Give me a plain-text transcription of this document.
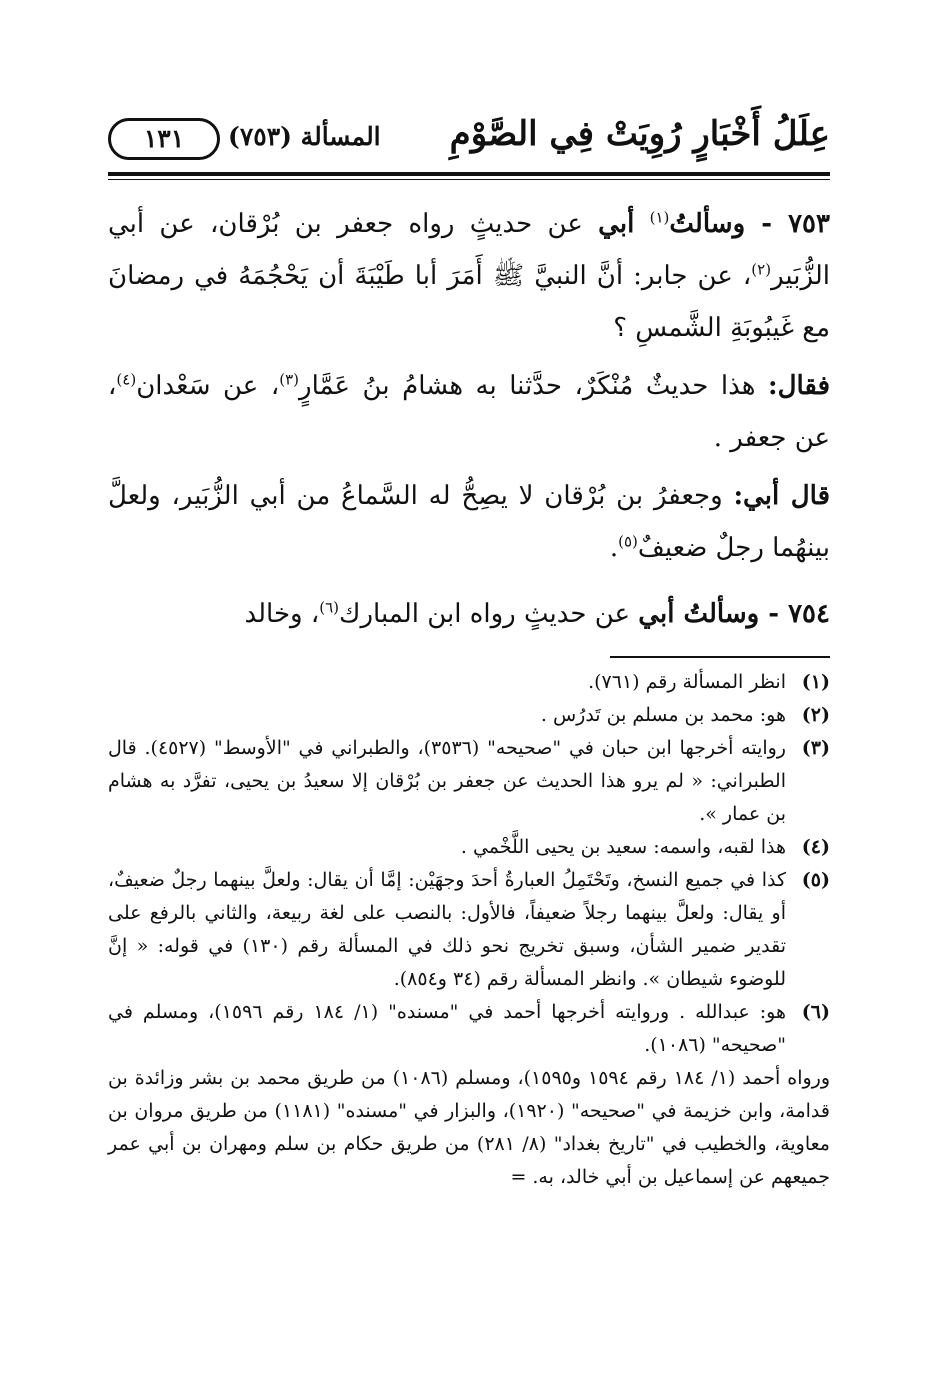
عِلَلُ أَخْبَارٍ رُوِيَتْ فِي الصَّوْمِ
المسألة (٧٥٣)
١٣١

٧٥٣ - وسألتُ$^{(١)}$ أبي عن حديثٍ رواه جعفر بن بُرْقان، عن أبي الزُّبَير$^{(٢)}$، عن جابر: أنَّ النبيَّ ﷺ أَمَرَ أبا طَيْبَةَ أن يَحْجُمَهُ في رمضانَ مع غَيبُوبَةِ الشَّمسِ ؟

فقال: هذا حديثٌ مُنْكَرٌ، حدَّثنا به هشامُ بنُ عَمَّارٍ$^{(٣)}$، عن سَعْدان$^{(٤)}$، عن جعفر .

قال أبي: وجعفرُ بن بُرْقان لا يصِحُّ له السَّماعُ من أبي الزُّبَير، ولعلَّ بينهُما رجلٌ ضعيفٌ$^{(٥)}$.

٧٥٤ - وسألتُ أبي عن حديثٍ رواه ابن المبارك$^{(٦)}$، وخالد

(١)
انظر المسألة رقم (٧٦١).
(٢)
هو: محمد بن مسلم بن تَدرُس .
(٣)
روايته أخرجها ابن حبان في "صحيحه" (٣٥٣٦)، والطبراني في "الأوسط" (٤٥٢٧). قال الطبراني: « لم يرو هذا الحديث عن جعفر بن بُرْقان إلا سعيدُ بن يحيى، تفرَّد به هشام بن عمار ».
(٤)
هذا لقبه، واسمه: سعيد بن يحيى اللَّخْمي .
(٥)
كذا في جميع النسخ، وتَحْتَمِلُ العبارةُ أحدَ وجهَيْن: إمَّا أن يقال: ولعلَّ بينهما رجلٌ ضعيفٌ، أو يقال: ولعلَّ بينهما رجلاً ضعيفاً، فالأول: بالنصب على لغة ربيعة، والثاني بالرفع على تقدير ضمير الشأن، وسبق تخريج نحو ذلك في المسألة رقم (١٣٠) في قوله: « إنَّ للوضوء شيطان ». وانظر المسألة رقم (٣٤ و٨٥٤).
(٦)
هو: عبدالله . وروايته أخرجها أحمد في "مسنده" (١/ ١٨٤ رقم ١٥٩٦)، ومسلم في "صحيحه" (١٠٨٦).
ورواه أحمد (١/ ١٨٤ رقم ١٥٩٤ و١٥٩٥)، ومسلم (١٠٨٦) من طريق محمد بن بشر وزائدة بن قدامة، وابن خزيمة في "صحيحه" (١٩٢٠)، والبزار في "مسنده" (١١٨١) من طريق مروان بن معاوية، والخطيب في "تاريخ بغداد" (٨/ ٢٨١) من طريق حكام بن سلم ومهران بن أبي عمر جميعهم عن إسماعيل بن أبي خالد، به. =
